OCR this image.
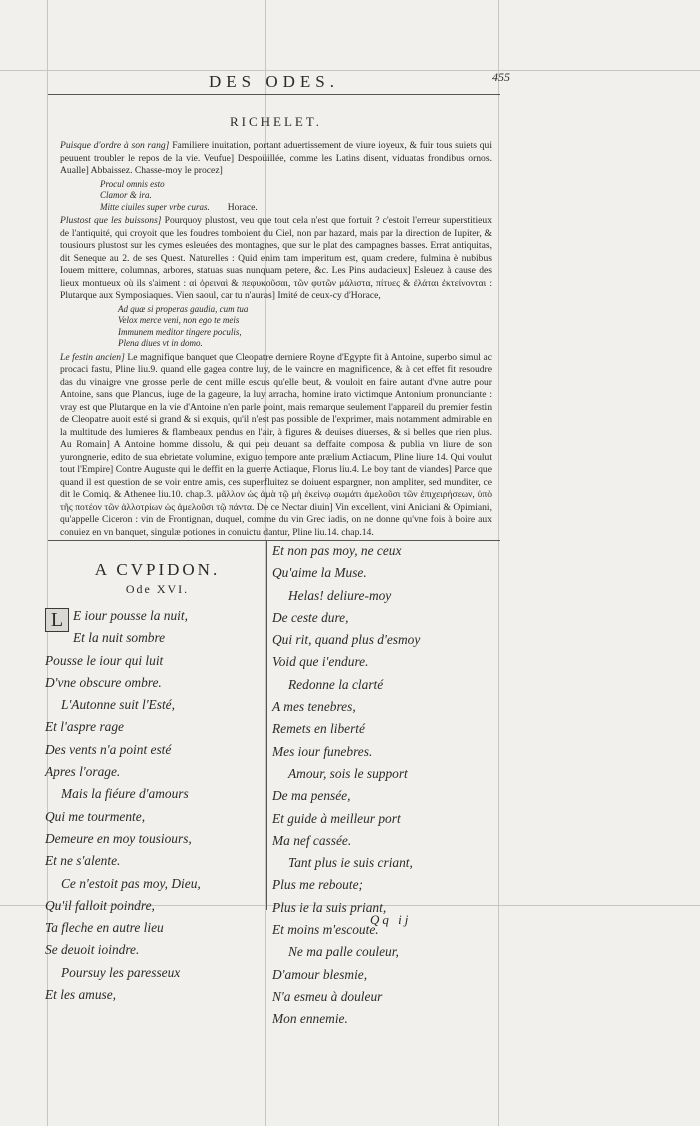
DES ODES.	455
RICHELET.

Puisque d'ordre à son rang] Familiere inuitation, portant aduertissement de viure ioyeux, & fuir tous suiets qui peuuent troubler le repos de la vie. Veufue] Despoüillée, comme les Latins disent, viduatas frondibus ornos. Aualle] Abbaissez. Chasse-moy le procez]

Procul omnis esto
Clamor & ira.
Mitte ciuiles super vrbe curas. Horace.

Plustost que les buissons] Pourquoy plustost, veu que tout cela n'est que fortuit ? c'estoit l'erreur superstitieux de l'antiquité, qui croyoit que les foudres tomboient du Ciel, non par hazard, mais par la direction de Iupiter, & tousiours plustost sur les cymes esleuées des montagnes, que sur le plat des campagnes basses. Errat antiquitas, dit Seneque au 2. de ses Quest. Naturelles : Quid enim tam imperitum est, quam credere, fulmina è nubibus Iouem mittere, columnas, arbores, statuas suas nunquam petere, &c. Les Pins audacieux] Esleuez à cause des lieux montueux où ils s'aiment : αἱ ὀρειναὶ & πεφυκοῦσαι, τῶν φυτῶν μάλιστα, πίτυες & ἐλάται ἐκτείνονται : Plutarque aux Symposiaques. Vien saoul, car tu n'auras] Imité de ceux-cy d'Horace,

Ad quæ si properas gaudia, cum tua
Velox merce veni, non ego te meis
Immunem meditor tingere poculis,
Plena diues vt in domo.

Le festin ancien] Le magnifique banquet que Cleopatre derniere Royne d'Egypte fit à Antoine, superbo simul ac procaci fastu, Pline liu.9. quand elle gagea contre luy, de le vaincre en magnificence, & à cet effet fit resoudre das du vinaigre vne grosse perle de cent mille escus qu'elle beut, & vouloit en faire autant d'vne autre pour Antoine, sans que Plancus, iuge de la gageure, la luy arracha, homine irato victimque Antonium pronunciante : vray est que Plutarque en la vie d'Antoine n'en parle point, mais remarque seulement l'appareil du premier festin de Cleopatre auoit esté si grand & si exquis, qu'il n'est pas possible de l'exprimer, mais notamment admirable en la multitude des lumieres & flambeaux pendus en l'air, à figures & deuises diuerses, & si belles que rien plus. Au Romain] A Antoine homme dissolu, & qui peu deuant sa deffaite composa & publia vn liure de son yurongnerie, edito de sua ebrietate volumine, exiguo tempore ante prælium Actiacum, Pline liure 14. Qui voulut tout l'Empire] Contre Auguste qui le deffit en la guerre Actiaque, Florus liu.4. Le boy tant de viandes] Parce que quand il est question de se voir entre amis, ces superfluitez se doiuent espargner, non ampliter, sed munditer, ce dit le Comiq. & Athenee liu.10. chap.3. μᾶλλον ὡς ἀμὰ τῷ μὴ ἐκείνῳ σωμάτι ἀμελοῦσι τῶν ἐπιχειρήσεων, ὑπὸ τῆς ποτέον τῶν ἀλλοτρίων ὡς ἀμελοῦσι τῷ πάντα. De ce Nectar diuin] Vin excellent, vini Aniciani & Opimiani, qu'appelle Ciceron : vin de Frontignan, duquel, comme du vin Grec iadis, on ne donne qu'vne fois à boire aux conuiez en vn banquet, singulæ potiones in conuictu dantur, Pline liu.14. chap.14.

A CVPIDON.
Ode XVI.
L E iour pousse la nuit,
Et la nuit sombre
Pousse le iour qui luit
D'vne obscure ombre.
L'Autonne suit l'Esté,
Et l'aspre rage
Des vents n'a point esté
Apres l'orage.
Mais la fiéure d'amours
Qui me tourmente,
Demeure en moy tousiours,
Et ne s'alente.
Ce n'estoit pas moy, Dieu,
Qu'il falloit poindre,
Ta fleche en autre lieu
Se deuoit ioindre.
Poursuy les paresseux
Et les amuse,
Et non pas moy, ne ceux
Qu'aime la Muse.
Helas! deliure-moy
De ceste dure,
Qui rit, quand plus d'esmoy
Void que i'endure.
Redonne la clarté
A mes tenebres,
Remets en liberté
Mes iour funebres.
Amour, sois le support
De ma pensée,
Et guide à meilleur port
Ma nef cassée.
Tant plus ie suis criant,
Plus me reboute;
Plus ie la suis priant,
Et moins m'escoute.
Ne ma palle couleur,
D'amour blesmie,
N'a esmeu à douleur
Mon ennemie.
Qq ij
